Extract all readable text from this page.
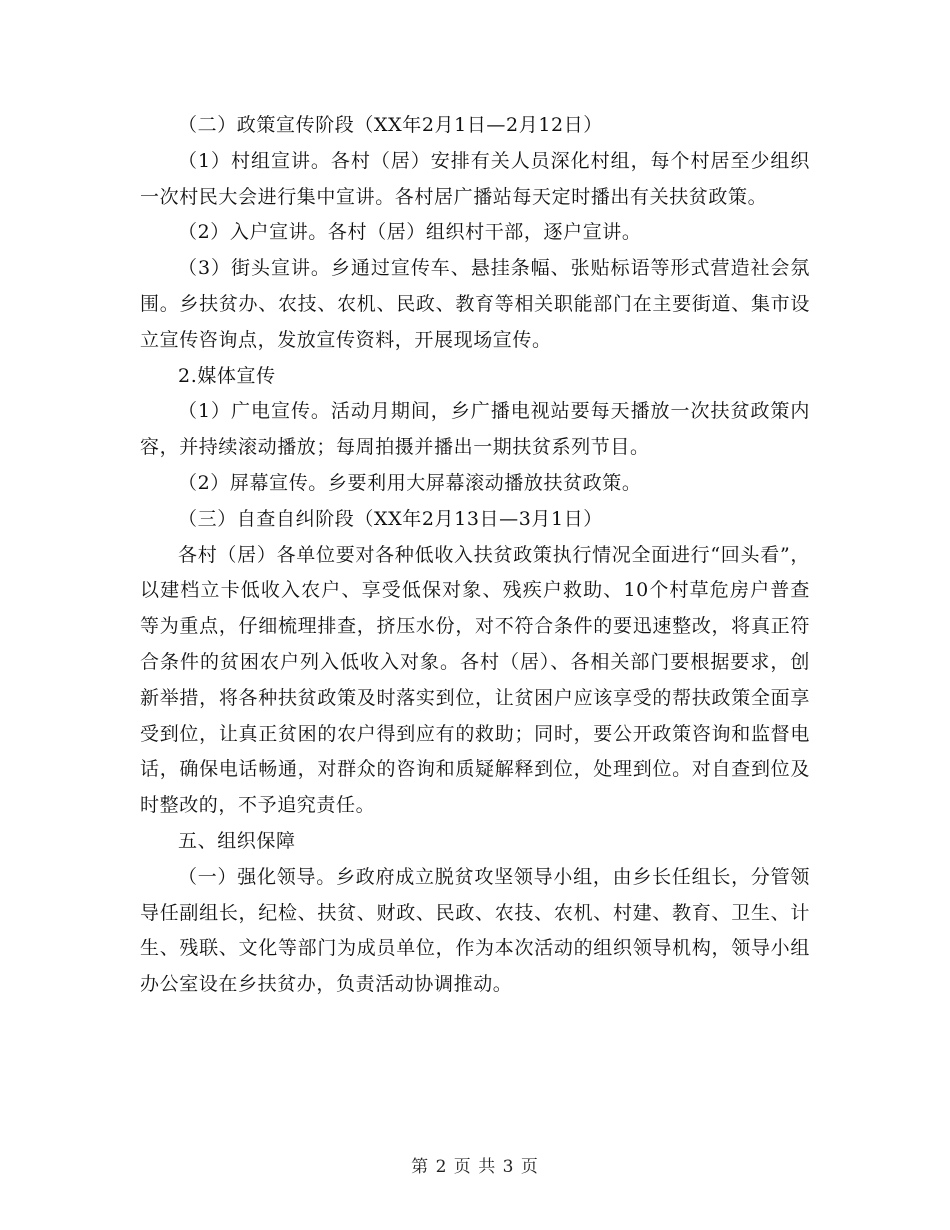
（二）政策宣传阶段（XX年2月1日—2月12日）

（1）村组宣讲。各村（居）安排有关人员深化村组，每个村居至少组织一次村民大会进行集中宣讲。各村居广播站每天定时播出有关扶贫政策。

（2）入户宣讲。各村（居）组织村干部，逐户宣讲。

（3）街头宣讲。乡通过宣传车、悬挂条幅、张贴标语等形式营造社会氛围。乡扶贫办、农技、农机、民政、教育等相关职能部门在主要街道、集市设立宣传咨询点，发放宣传资料，开展现场宣传。

2.媒体宣传

（1）广电宣传。活动月期间，乡广播电视站要每天播放一次扶贫政策内容，并持续滚动播放；每周拍摄并播出一期扶贫系列节目。

（2）屏幕宣传。乡要利用大屏幕滚动播放扶贫政策。

（三）自查自纠阶段（XX年2月13日—3月1日）

各村（居）各单位要对各种低收入扶贫政策执行情况全面进行“回头看”，以建档立卡低收入农户、享受低保对象、残疾户救助、10个村草危房户普查等为重点，仔细梳理排查，挤压水份，对不符合条件的要迅速整改，将真正符合条件的贫困农户列入低收入对象。各村（居）、各相关部门要根据要求，创新举措，将各种扶贫政策及时落实到位，让贫困户应该享受的帮扶政策全面享受到位，让真正贫困的农户得到应有的救助；同时，要公开政策咨询和监督电话，确保电话畅通，对群众的咨询和质疑解释到位，处理到位。对自查到位及时整改的，不予追究责任。

五、组织保障

（一）强化领导。乡政府成立脱贫攻坚领导小组，由乡长任组长，分管领导任副组长，纪检、扶贫、财政、民政、农技、农机、村建、教育、卫生、计生、残联、文化等部门为成员单位，作为本次活动的组织领导机构，领导小组办公室设在乡扶贫办，负责活动协调推动。

第 2 页 共 3 页
